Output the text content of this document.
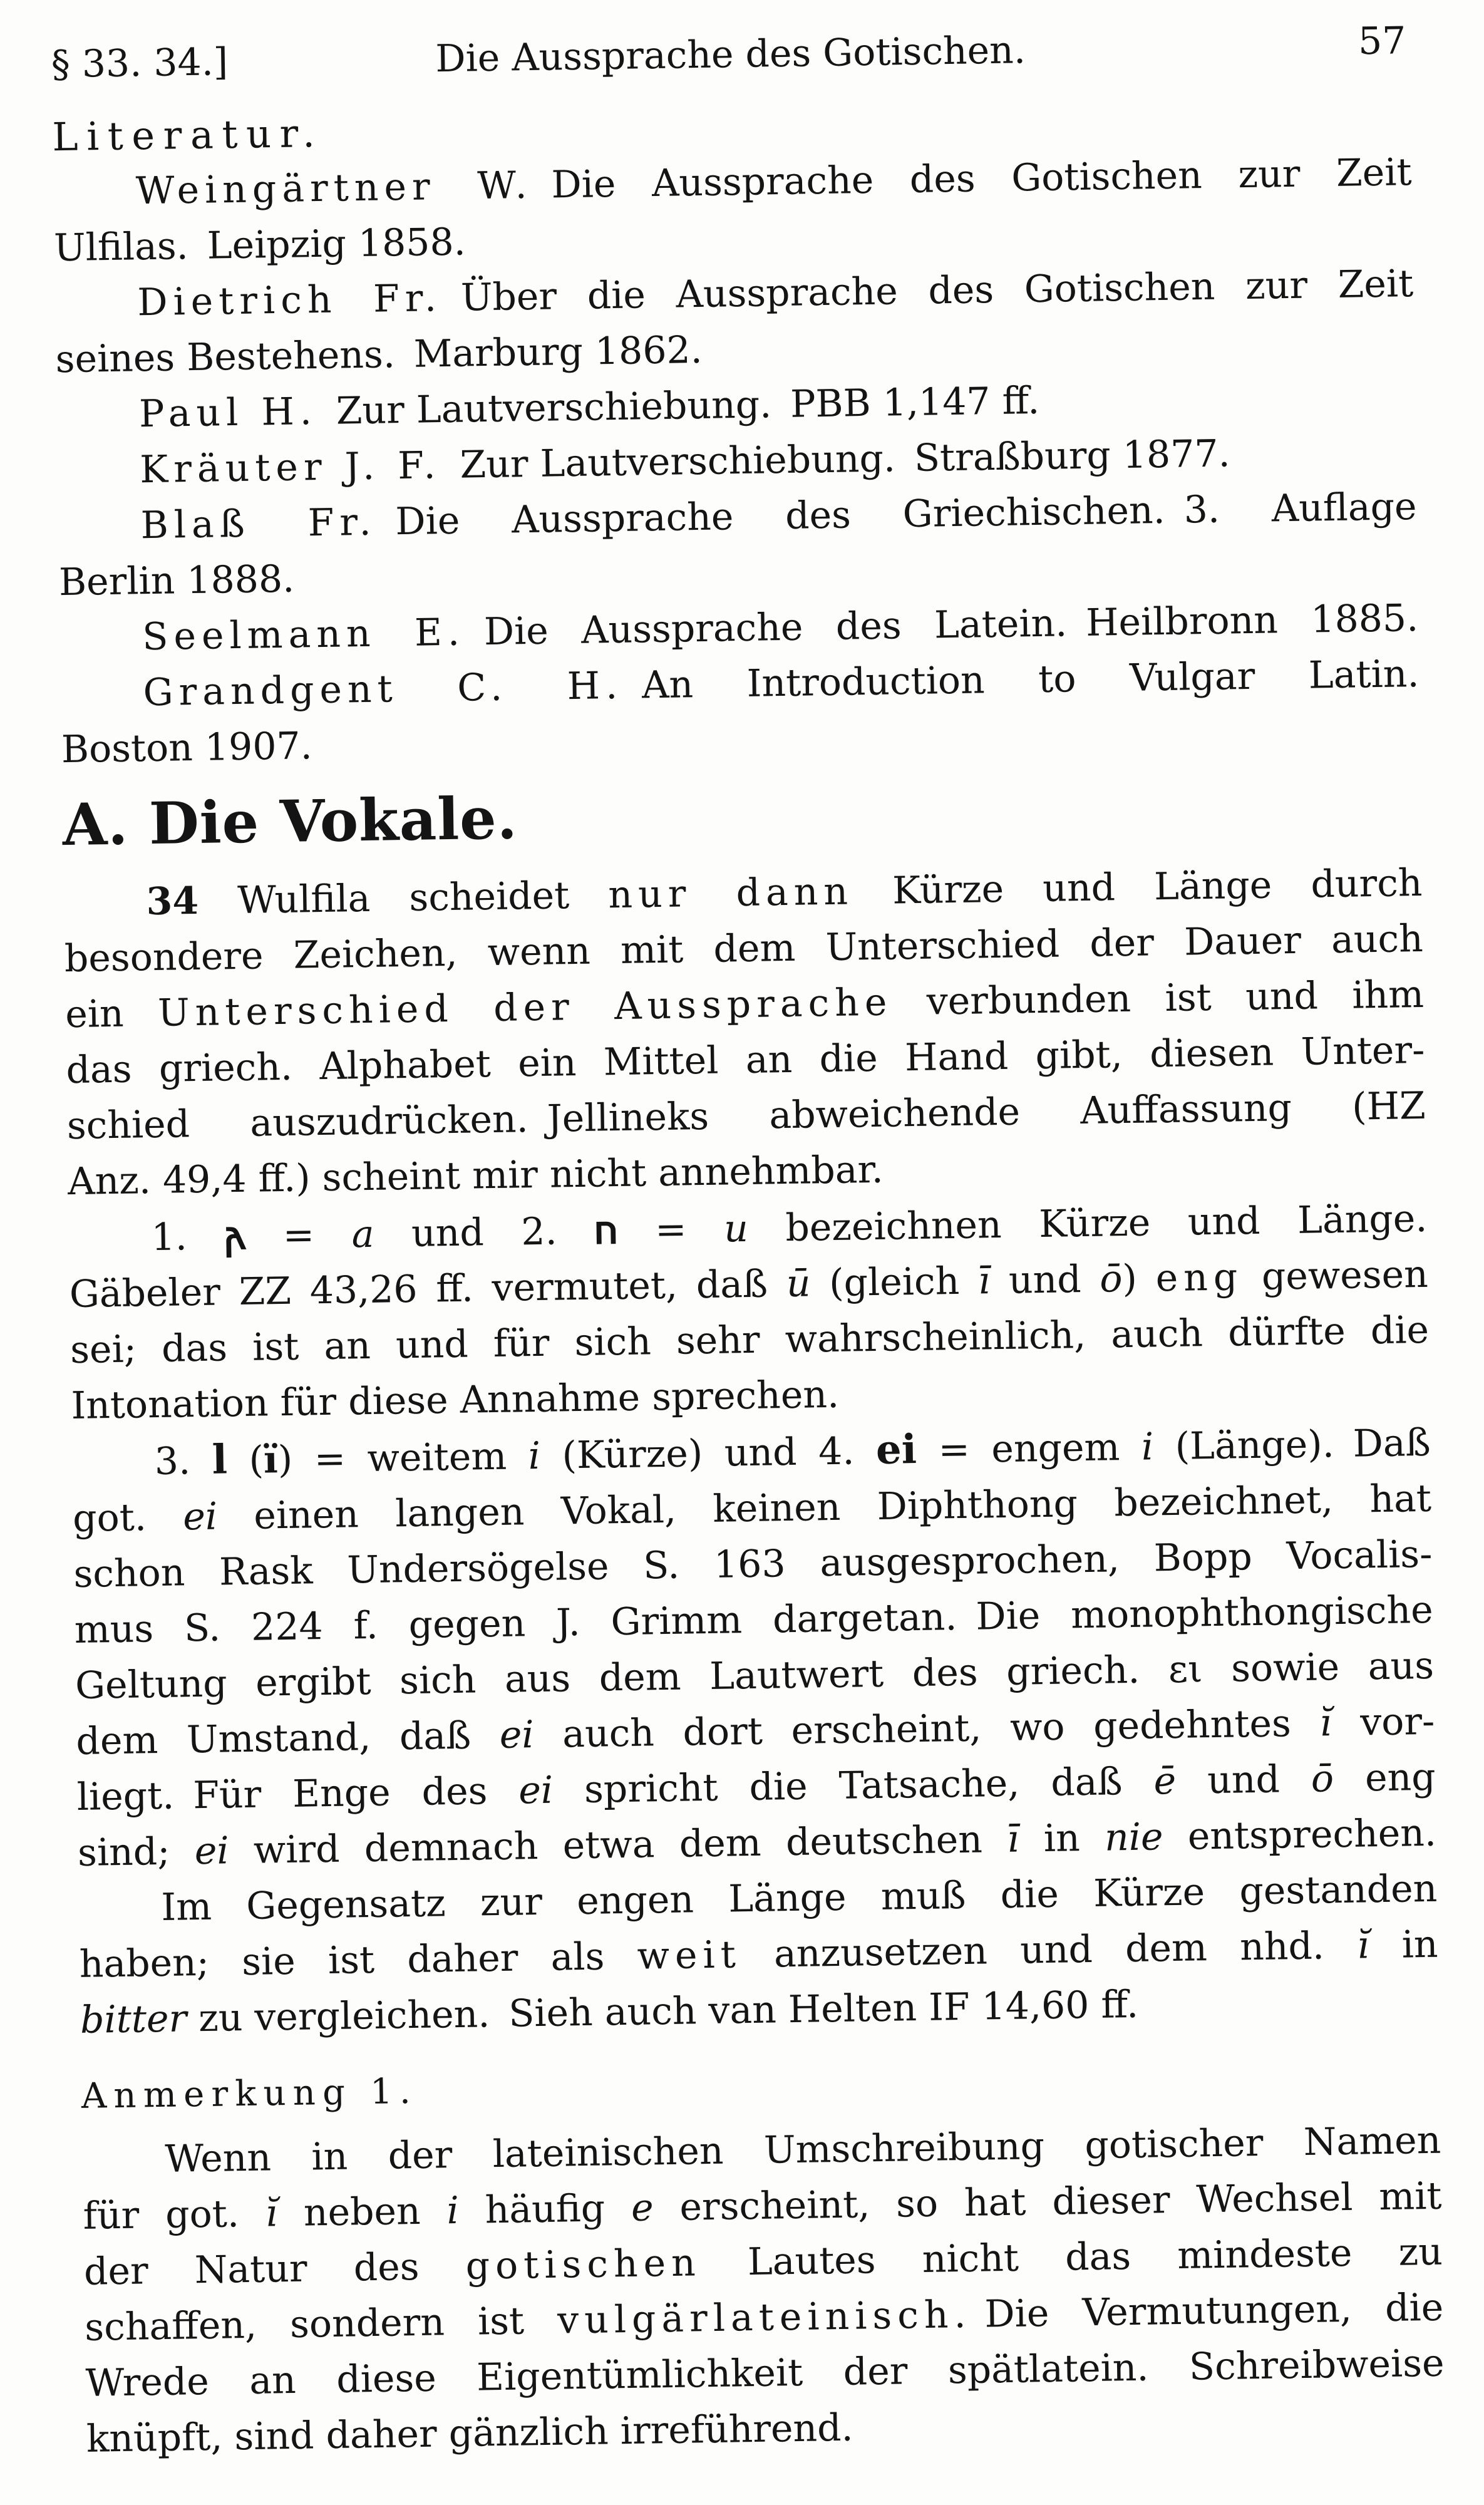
§ 33. 34.]	Die Aussprache des Gotischen.	57
Literatur.
Weingärtner W. Die Aussprache des Gotischen zur Zeit
Ulfilas. Leipzig 1858.
Dietrich Fr. Über die Aussprache des Gotischen zur Zeit
seines Bestehens. Marburg 1862.
Paul H. Zur Lautverschiebung. PBB 1,147 ff.
Kräuter J. F. Zur Lautverschiebung. Straßburg 1877.
Blaß Fr. Die Aussprache des Griechischen. 3. Auflage
Berlin 1888.
Seelmann E. Die Aussprache des Latein. Heilbronn 1885.
Grandgent C. H. An Introduction to Vulgar Latin.
Boston 1907.
A. Die Vokale.
34 Wulfila scheidet nur dann Kürze und Länge durch
besondere Zeichen, wenn mit dem Unterschied der Dauer auch
ein Unterschied der Aussprache verbunden ist und ihm
das griech. Alphabet ein Mittel an die Hand gibt, diesen Unter-
schied auszudrücken. Jellineks abweichende Auffassung (HZ
Anz. 49,4 ff.) scheint mir nicht annehmbar.
1. 𐌰 = a und 2. 𐌿 = u bezeichnen Kürze und Länge.
Gäbeler ZZ 43,26 ff. vermutet, daß ū (gleich ī und ō) eng gewesen
sei; das ist an und für sich sehr wahrscheinlich, auch dürfte die
Intonation für diese Annahme sprechen.
3. l (ï) = weitem i (Kürze) und 4. ei = engem i (Länge). Daß
got. ei einen langen Vokal, keinen Diphthong bezeichnet, hat
schon Rask Undersögelse S. 163 ausgesprochen, Bopp Vocalis-
mus S. 224 f. gegen J. Grimm dargetan. Die monophthongische
Geltung ergibt sich aus dem Lautwert des griech. ει sowie aus
dem Umstand, daß ei auch dort erscheint, wo gedehntes ĭ vor-
liegt. Für Enge des ei spricht die Tatsache, daß ē und ō eng
sind; ei wird demnach etwa dem deutschen ī in nie entsprechen.
Im Gegensatz zur engen Länge muß die Kürze gestanden
haben; sie ist daher als weit anzusetzen und dem nhd. ĭ in
bitter zu vergleichen. Sieh auch van Helten IF 14,60 ff.
Anmerkung 1.
Wenn in der lateinischen Umschreibung gotischer Namen
für got. ĭ neben i häufig e erscheint, so hat dieser Wechsel mit
der Natur des gotischen Lautes nicht das mindeste zu
schaffen, sondern ist vulgärlateinisch. Die Vermutungen, die
Wrede an diese Eigentümlichkeit der spätlatein. Schreibweise
knüpft, sind daher gänzlich irreführend.
